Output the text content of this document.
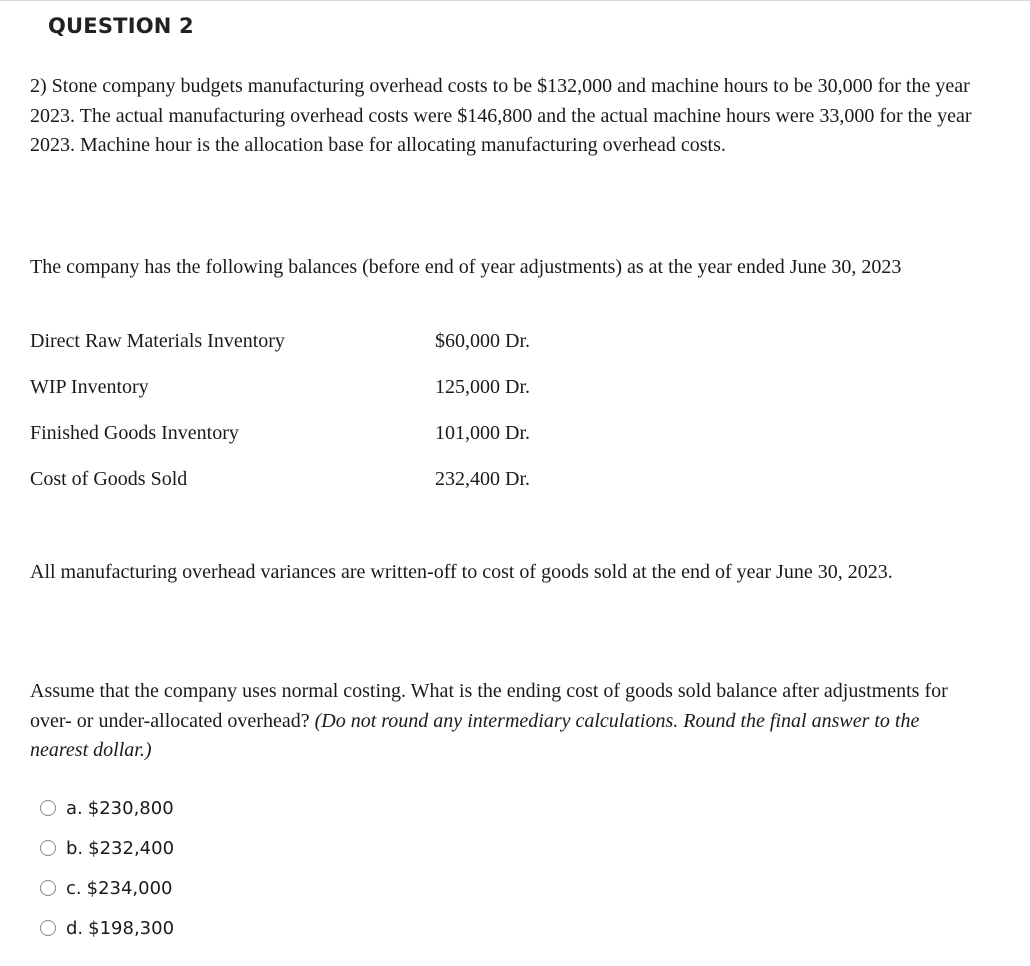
QUESTION 2

2) Stone company budgets manufacturing overhead costs to be $132,000 and machine hours to be 30,000 for the year 2023. The actual manufacturing overhead costs were $146,800 and the actual machine hours were 33,000 for the year 2023. Machine hour is the allocation base for allocating manufacturing overhead costs.

The company has the following balances (before end of year adjustments) as at the year ended June 30, 2023

Direct Raw Materials Inventory	$60,000 Dr.
WIP Inventory	125,000 Dr.
Finished Goods Inventory	101,000 Dr.
Cost of Goods Sold	232,400 Dr.

All manufacturing overhead variances are written-off to cost of goods sold at the end of year June 30, 2023.

Assume that the company uses normal costing. What is the ending cost of goods sold balance after adjustments for over- or under-allocated overhead? (Do not round any intermediary calculations. Round the final answer to the nearest dollar.)

a. $230,800
b. $232,400
c. $234,000
d. $198,300
